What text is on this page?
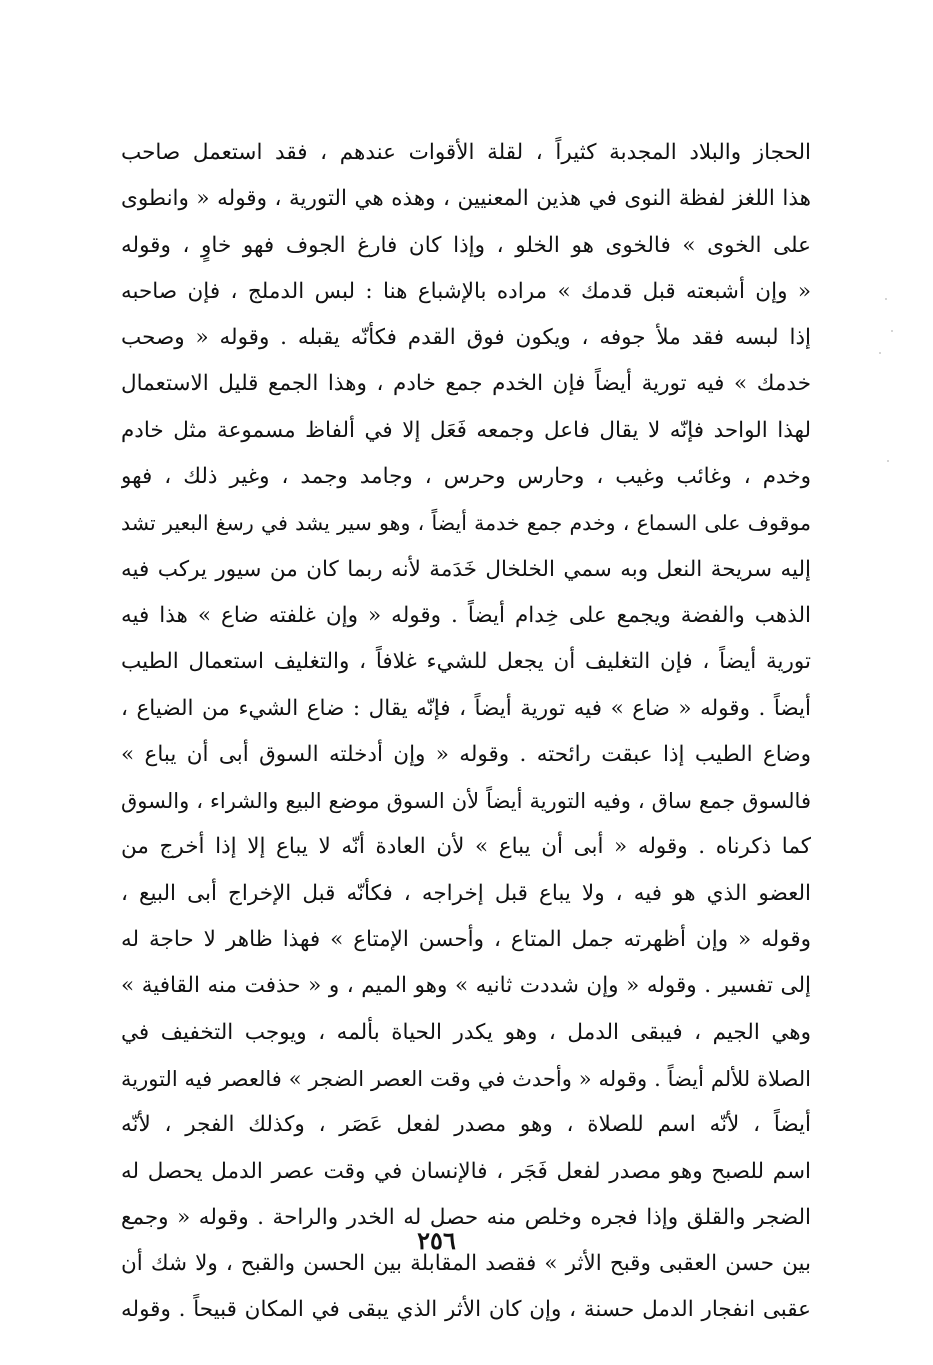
الحجاز والبلاد المجدبة كثيراً ، لقلة الأقوات عندهم ، فقد استعمل صاحب
هذا اللغز لفظة النوى في هذين المعنيين ، وهذه هي التورية ، وقوله « وانطوى
على الخوى » فالخوى هو الخلو ، وإذا كان فارغ الجوف فهو خاوٍ ، وقوله
« وإن أشبعته قبل قدمك » مراده بالإشباع هنا : لبس الدملج ، فإن صاحبه
إذا لبسه فقد ملأ جوفه ، ويكون فوق القدم فكأنّه يقبله . وقوله « وصحب
خدمك » فيه تورية أيضاً فإن الخدم جمع خادم ، وهذا الجمع قليل الاستعمال
لهذا الواحد فإنّه لا يقال فاعل وجمعه فَعَل إلا في ألفاظ مسموعة مثل خادم
وخدم ، وغائب وغيب ، وحارس وحرس ، وجامد وجمد ، وغير ذلك ، فهو
موقوف على السماع ، وخدم جمع خدمة أيضاً ، وهو سير يشد في رسغ البعير تشد
إليه سريحة النعل وبه سمي الخلخال خَدَمة لأنه ربما كان من سيور يركب فيه
الذهب والفضة ويجمع على خِدام أيضاً . وقوله « وإن غلفته ضاع » هذا فيه
تورية أيضاً ، فإن التغليف أن يجعل للشيء غلافاً ، والتغليف استعمال الطيب
أيضاً . وقوله « ضاع » فيه تورية أيضاً ، فإنّه يقال : ضاع الشيء من الضياع ،
وضاع الطيب إذا عبقت رائحته . وقوله « وإن أدخلته السوق أبى أن يباع »
فالسوق جمع ساق ، وفيه التورية أيضاً لأن السوق موضع البيع والشراء ، والسوق
كما ذكرناه . وقوله « أبى أن يباع » لأن العادة أنّه لا يباع إلا إذا أخرج من
العضو الذي هو فيه ، ولا يباع قبل إخراجه ، فكأنّه قبل الإخراج أبى البيع ،
وقوله « وإن أظهرته جمل المتاع ، وأحسن الإمتاع » فهذا ظاهر لا حاجة له
إلى تفسير . وقوله « وإن شددت ثانيه » وهو الميم ، و « حذفت منه القافية »
وهي الجيم ، فيبقى الدمل ، وهو يكدر الحياة بألمه ، ويوجب التخفيف في
الصلاة للألم أيضاً . وقوله « وأحدث في وقت العصر الضجر » فالعصر فيه التورية
أيضاً ، لأنّه اسم للصلاة ، وهو مصدر لفعل عَصَر ، وكذلك الفجر ، لأنّه
اسم للصبح وهو مصدر لفعل فَجَر ، فالإنسان في وقت عصر الدمل يحصل له
الضجر والقلق وإذا فجره وخلص منه حصل له الخدر والراحة . وقوله « وجمع
بين حسن العقبى وقبح الأثر » فقصد المقابلة بين الحسن والقبح ، ولا شك أن
عقبى انفجار الدمل حسنة ، وإن كان الأثر الذي يبقى في المكان قبيحاً . وقوله
٢٥٦
